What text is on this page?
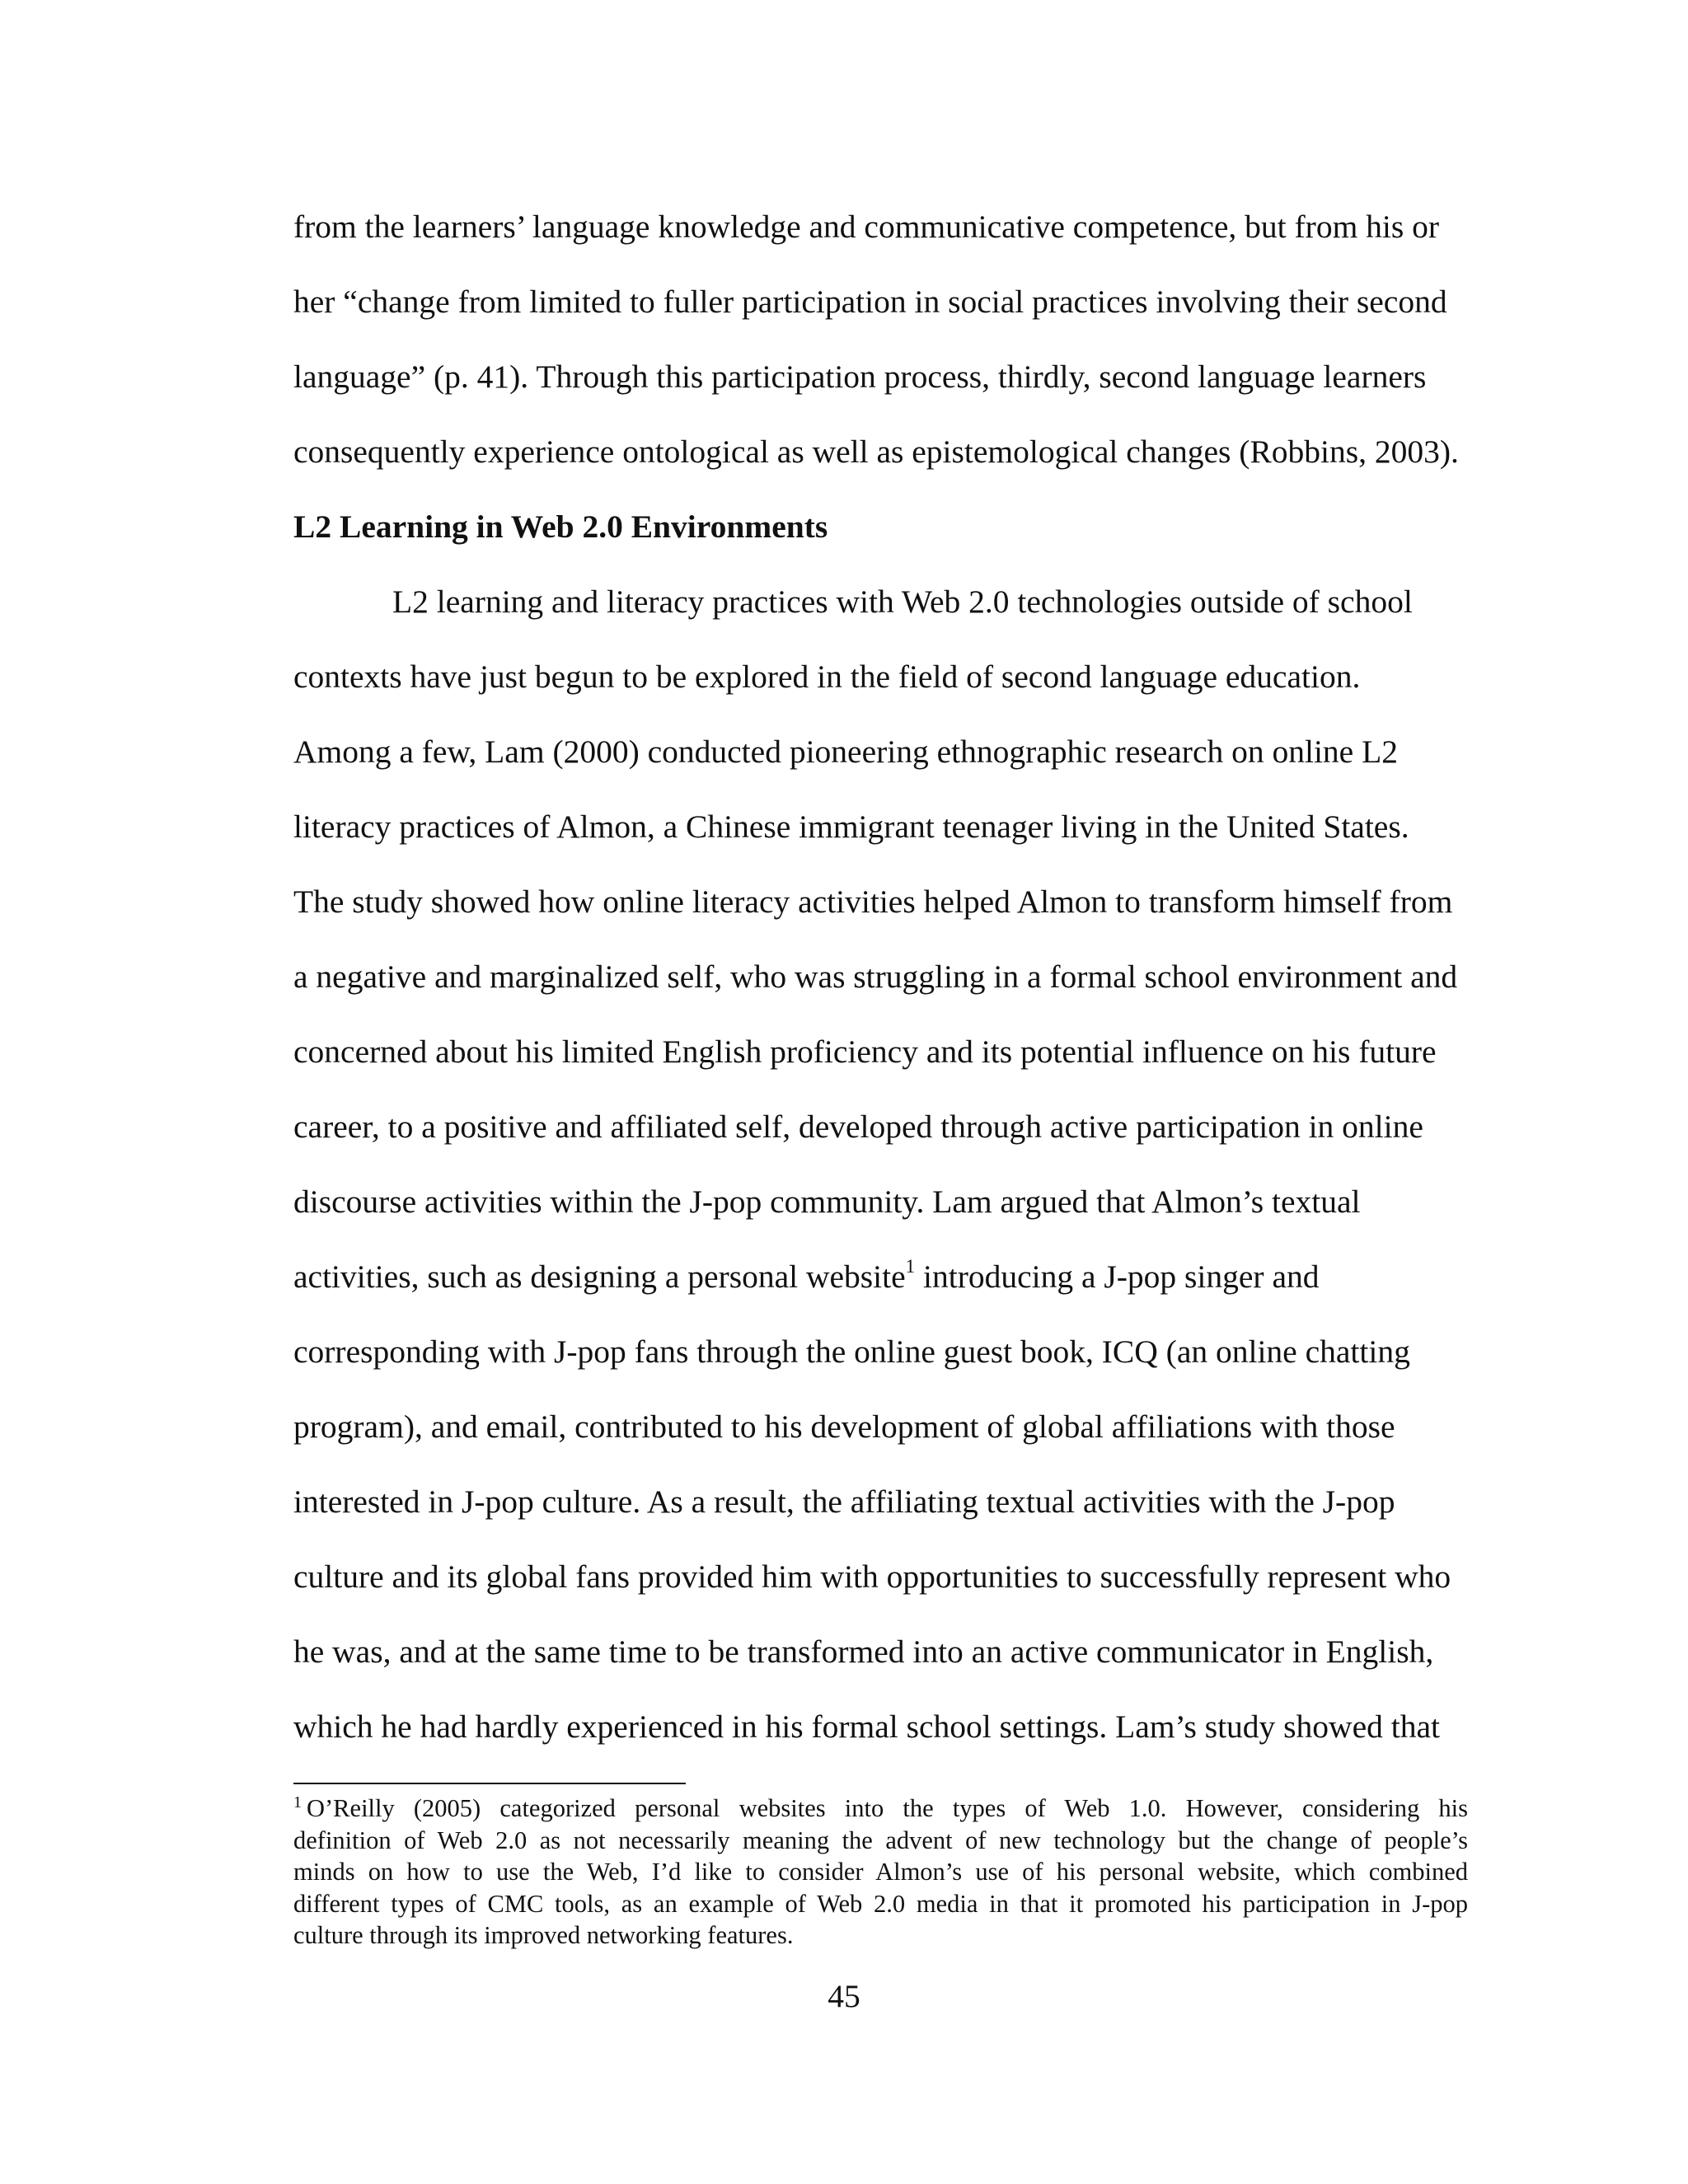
from the learners’ language knowledge and communicative competence, but from his or
her “change from limited to fuller participation in social practices involving their second
language” (p. 41). Through this participation process, thirdly, second language learners
consequently experience ontological as well as epistemological changes (Robbins, 2003).
L2 Learning in Web 2.0 Environments
L2 learning and literacy practices with Web 2.0 technologies outside of school
contexts have just begun to be explored in the field of second language education.
Among a few, Lam (2000) conducted pioneering ethnographic research on online L2
literacy practices of Almon, a Chinese immigrant teenager living in the United States.
The study showed how online literacy activities helped Almon to transform himself from
a negative and marginalized self, who was struggling in a formal school environment and
concerned about his limited English proficiency and its potential influence on his future
career, to a positive and affiliated self, developed through active participation in online
discourse activities within the J-pop community. Lam argued that Almon’s textual
activities, such as designing a personal website$^1$ introducing a J-pop singer and
corresponding with J-pop fans through the online guest book, ICQ (an online chatting
program), and email, contributed to his development of global affiliations with those
interested in J-pop culture. As a result, the affiliating textual activities with the J-pop
culture and its global fans provided him with opportunities to successfully represent who
he was, and at the same time to be transformed into an active communicator in English,
which he had hardly experienced in his formal school settings. Lam’s study showed that
$^1$ O’Reilly (2005) categorized personal websites into the types of Web 1.0. However, considering his
definition of Web 2.0 as not necessarily meaning the advent of new technology but the change of people’s
minds on how to use the Web, I’d like to consider Almon’s use of his personal website, which combined
different types of CMC tools, as an example of Web 2.0 media in that it promoted his participation in J-pop
culture through its improved networking features.
45
